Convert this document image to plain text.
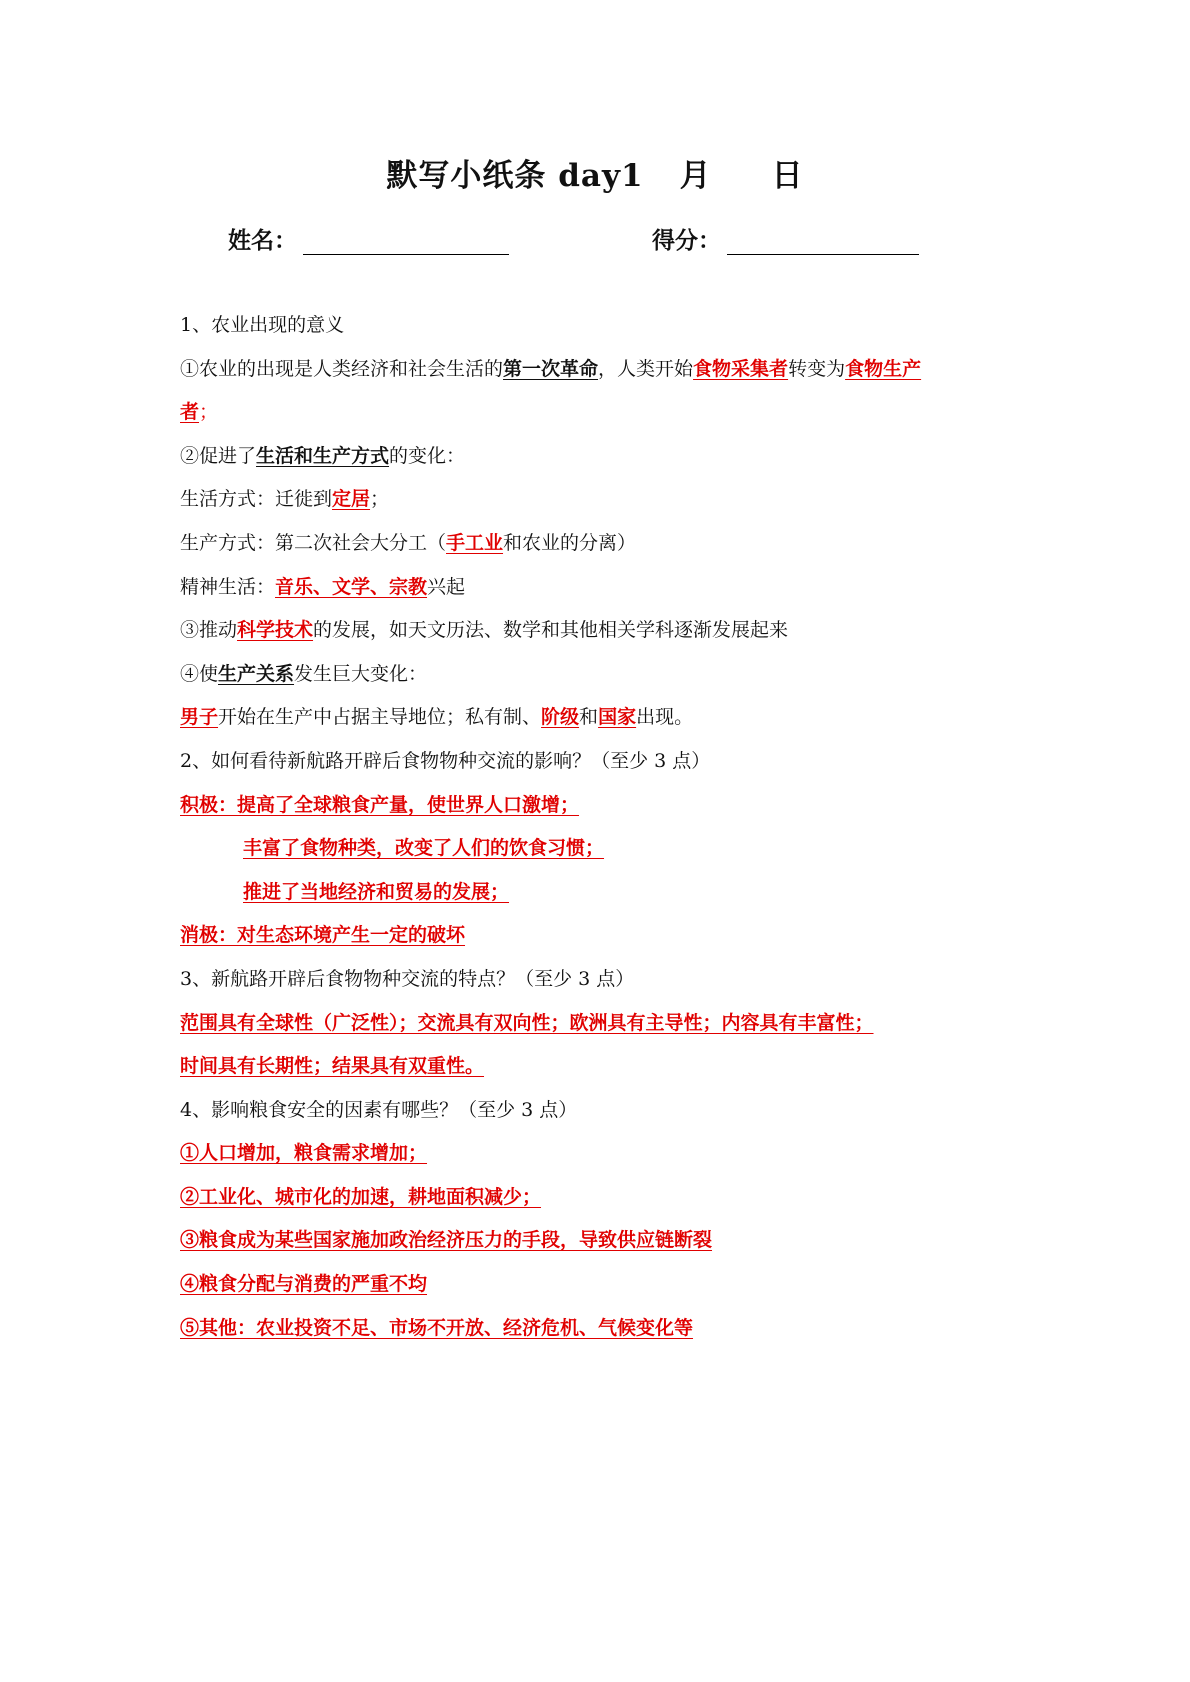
默写小纸条 day1 月 日
姓名：	得分：
1、农业出现的意义
①农业的出现是人类经济和社会生活的第一次革命，人类开始食物采集者转变为食物生产
者；
②促进了生活和生产方式的变化：
生活方式：迁徙到定居；
生产方式：第二次社会大分工（手工业和农业的分离）
精神生活：音乐、文学、宗教兴起
③推动科学技术的发展，如天文历法、数学和其他相关学科逐渐发展起来
④使生产关系发生巨大变化：
男子开始在生产中占据主导地位；私有制、阶级和国家出现。
2、如何看待新航路开辟后食物物种交流的影响？（至少 3 点）
积极：提高了全球粮食产量，使世界人口激增；
丰富了食物种类，改变了人们的饮食习惯；
推进了当地经济和贸易的发展；
消极：对生态环境产生一定的破坏
3、新航路开辟后食物物种交流的特点？（至少 3 点）
范围具有全球性（广泛性）；交流具有双向性；欧洲具有主导性；内容具有丰富性；
时间具有长期性；结果具有双重性。
4、影响粮食安全的因素有哪些？（至少 3 点）
①人口增加，粮食需求增加；
②工业化、城市化的加速，耕地面积减少；
③粮食成为某些国家施加政治经济压力的手段，导致供应链断裂
④粮食分配与消费的严重不均
⑤其他：农业投资不足、市场不开放、经济危机、气候变化等
